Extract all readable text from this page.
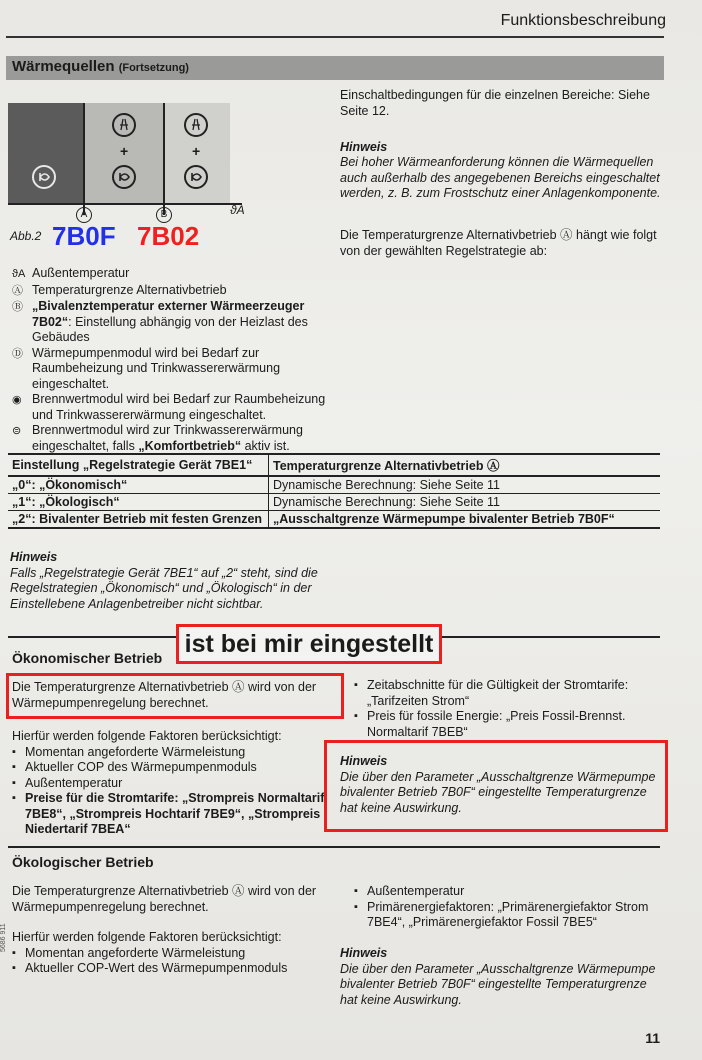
Funktionsbeschreibung
Wärmequellen (Fortsetzung)
+	+
A	B	ϑA
Abb.2 7B0F 7B02
ϑA Außentemperatur
Ⓐ Temperaturgrenze Alternativbetrieb
Ⓑ „Bivalenztemperatur externer Wärmeerzeuger 7B02“: Einstellung abhängig von der Heizlast des Gebäudes
Ⓓ Wärmepumpenmodul wird bei Bedarf zur Raumbeheizung und Trinkwassererwärmung eingeschaltet.
◉ Brennwertmodul wird bei Bedarf zur Raumbeheizung und Trinkwassererwärmung eingeschaltet.
⊜ Brennwertmodul wird zur Trinkwassererwärmung eingeschaltet, falls „Komfortbetrieb“ aktiv ist.
Einschaltbedingungen für die einzelnen Bereiche: Siehe Seite 12.
Hinweis
Bei hoher Wärmeanforderung können die Wärmequellen auch außerhalb des angegebenen Bereichs eingeschaltet werden, z. B. zum Frostschutz einer Anlagenkomponente.
Die Temperaturgrenze Alternativbetrieb Ⓐ hängt wie folgt von der gewählten Regelstrategie ab:
Einstellung „Regelstrategie Gerät 7BE1“	Temperaturgrenze Alternativbetrieb Ⓐ
„0“: „Ökonomisch“	Dynamische Berechnung: Siehe Seite 11
„1“: „Ökologisch“	Dynamische Berechnung: Siehe Seite 11
„2“: Bivalenter Betrieb mit festen Grenzen	„Ausschaltgrenze Wärmepumpe bivalenter Betrieb 7B0F“
Hinweis
Falls „Regelstrategie Gerät 7BE1“ auf „2“ steht, sind die Regelstrategien „Ökonomisch“ und „Ökologisch“ in der Einstellebene Anlagenbetreiber nicht sichtbar.
Ökonomischer Betrieb ist bei mir eingestellt
Die Temperaturgrenze Alternativbetrieb Ⓐ wird von der Wärmepumpenregelung berechnet.
Hierfür werden folgende Faktoren berücksichtigt:
▪ Momentan angeforderte Wärmeleistung
▪ Aktueller COP des Wärmepumpenmoduls
▪ Außentemperatur
▪ Preise für die Stromtarife: „Strompreis Normaltarif 7BE8“, „Strompreis Hochtarif 7BE9“, „Strompreis Niedertarif 7BEA“
▪ Zeitabschnitte für die Gültigkeit der Stromtarife: „Tarifzeiten Strom“
▪ Preis für fossile Energie: „Preis Fossil-Brennst. Normaltarif 7BEB“
Hinweis
Die über den Parameter „Ausschaltgrenze Wärmepumpe bivalenter Betrieb 7B0F“ eingestellte Temperaturgrenze hat keine Auswirkung.
Ökologischer Betrieb
Die Temperaturgrenze Alternativbetrieb Ⓐ wird von der Wärmepumpenregelung berechnet.
Hierfür werden folgende Faktoren berücksichtigt:
▪ Momentan angeforderte Wärmeleistung
▪ Aktueller COP-Wert des Wärmepumpenmoduls
▪ Außentemperatur
▪ Primärenergiefaktoren: „Primärenergiefaktor Strom 7BE4“, „Primärenergiefaktor Fossil 7BE5“
Hinweis
Die über den Parameter „Ausschaltgrenze Wärmepumpe bivalenter Betrieb 7B0F“ eingestellte Temperaturgrenze hat keine Auswirkung.
5686 911
11
